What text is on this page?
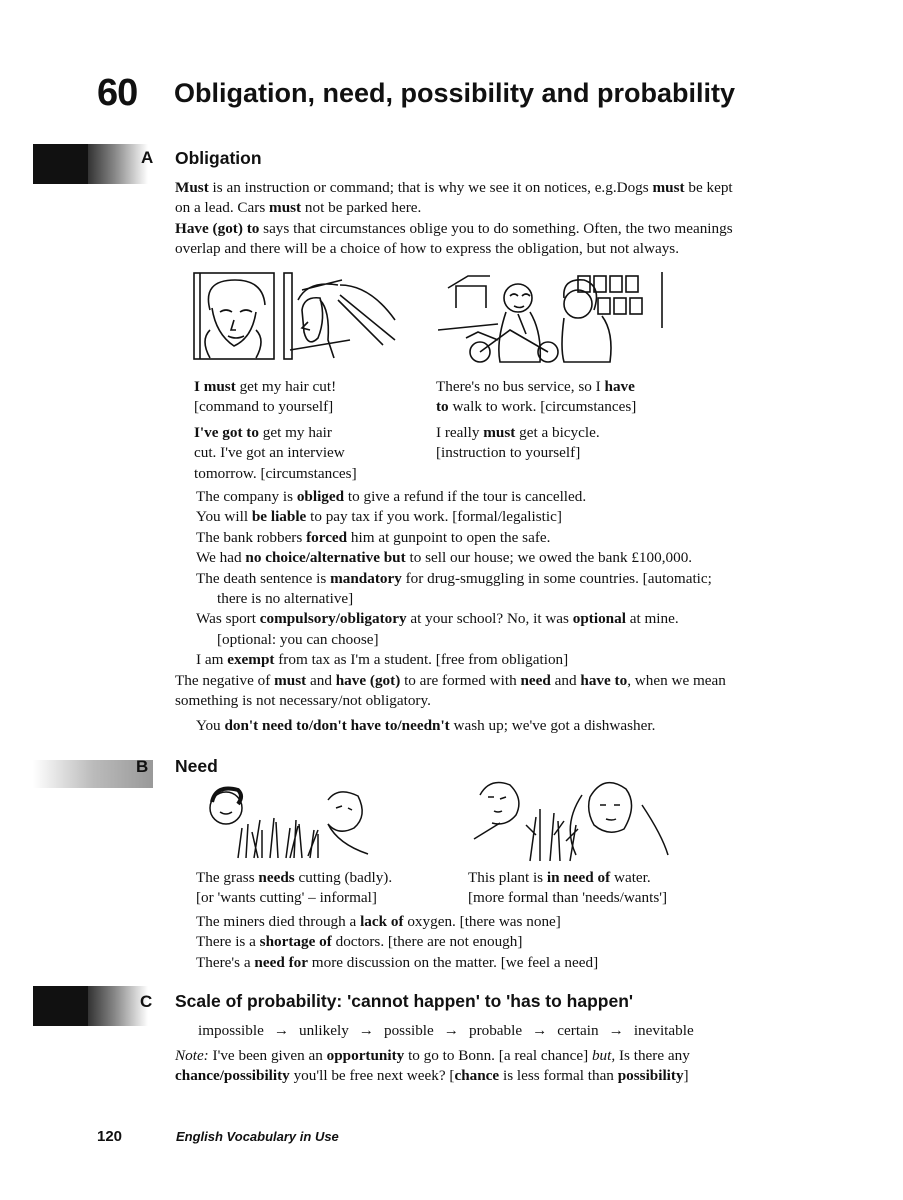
60 Obligation, need, possibility and probability
A Obligation

Must is an instruction or command; that is why we see it on notices, e.g.Dogs must be kept

on a lead. Cars must not be parked here.

Have (got) to says that circumstances oblige you to do something. Often, the two meanings

overlap and there will be a choice of how to express the obligation, but not always.

I must get my hair cut!

[command to yourself]

I've got to get my hair

cut. I've got an interview

tomorrow. [circumstances]

There's no bus service, so I have

to walk to work. [circumstances]

I really must get a bicycle.

[instruction to yourself]

The company is obliged to give a refund if the tour is cancelled.

You will be liable to pay tax if you work. [formal/legalistic]

The bank robbers forced him at gunpoint to open the safe.

We had no choice/alternative but to sell our house; we owed the bank £100,000.

The death sentence is mandatory for drug-smuggling in some countries. [automatic;

there is no alternative]

Was sport compulsory/obligatory at your school? No, it was optional at mine.

[optional: you can choose]

I am exempt from tax as I'm a student. [free from obligation]

The negative of must and have (got) to are formed with need and have to, when we mean

something is not necessary/not obligatory.

You don't need to/don't have to/needn't wash up; we've got a dishwasher.

B Need

The grass needs cutting (badly).

[or 'wants cutting' – informal]

This plant is in need of water.

[more formal than 'needs/wants']

The miners died through a lack of oxygen. [there was none]

There is a shortage of doctors. [there are not enough]

There's a need for more discussion on the matter. [we feel a need]

C Scale of probability: 'cannot happen' to 'has to happen'
impossible → unlikely → possible → probable → certain → inevitable

Note: I've been given an opportunity to go to Bonn. [a real chance] but, Is there any

chance/possibility you'll be free next week? [chance is less formal than possibility]

120	English Vocabulary in Use
